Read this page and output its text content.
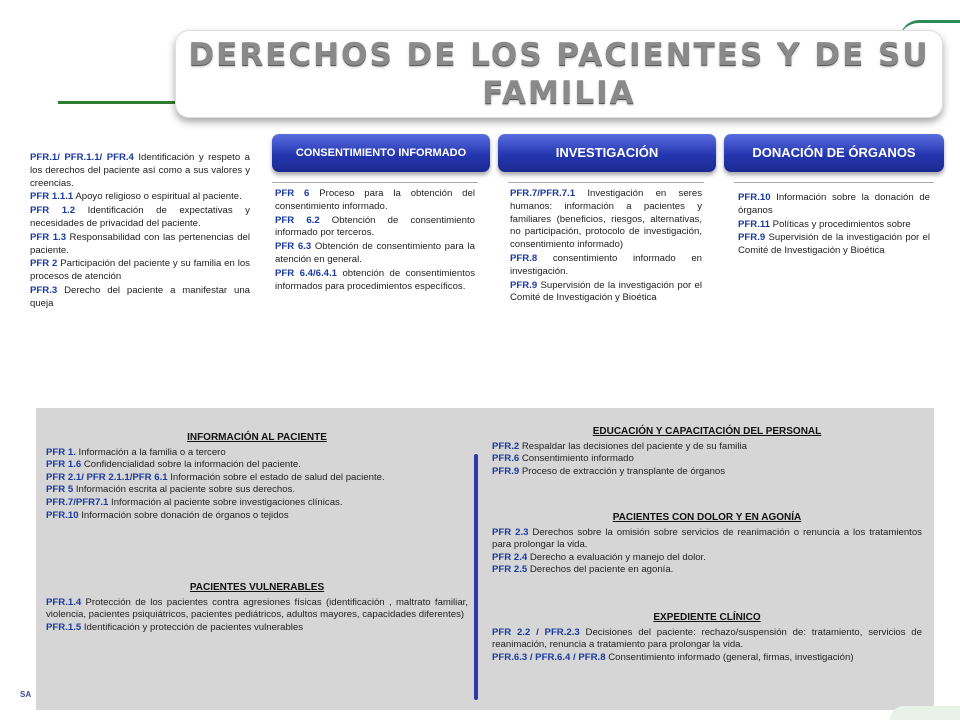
DERECHOS DE LOS PACIENTES Y DE SU FAMILIA

PFR.1/ PFR.1.1/ PFR.4 Identificación y respeto a los derechos del paciente así como a sus valores y creencias.

PFR 1.1.1 Apoyo religioso o espiritual al paciente.

PFR 1.2 Identificación de expectativas y necesidades de privacidad del paciente.

PFR 1.3 Responsabilidad con las pertenencias del paciente.

PFR 2 Participación del paciente y su familia en los procesos de atención

PFR.3 Derecho del paciente a manifestar una queja

CONSENTIMIENTO INFORMADO	INVESTIGACIÓN	DONACIÓN DE ÓRGANOS

PFR 6 Proceso para la obtención del consentimiento informado.

PFR 6.2 Obtención de consentimiento informado por terceros.

PFR 6.3 Obtención de consentimiento para la atención en general.

PFR 6.4/6.4.1 obtención de consentimientos informados para procedimientos específicos.

PFR.7/PFR.7.1 Investigación en seres humanos: información a pacientes y familiares (beneficios, riesgos, alternativas, no participación, protocolo de investigación, consentimiento informado)

PFR.8 consentimiento informado en investigación.

PFR.9 Supervisión de la investigación por el Comité de Investigación y Bioética

PFR.10 Información sobre la donación de órganos

PFR.11 Políticas y procedimientos sobre

PFR.9 Supervisión de la investigación por el Comité de Investigación y Bioética

INFORMACIÓN AL PACIENTE

PFR 1. Información a la familia o a tercero

PFR 1.6 Confidencialidad sobre la información del paciente.

PFR 2.1/ PFR 2.1.1/PFR 6.1 Información sobre el estado de salud del paciente.

PFR 5 Información escrita al paciente sobre sus derechos.

PFR.7/PFR7.1 Información al paciente sobre investigaciones clínicas.

PFR.10 Información sobre donación de órganos o tejidos

PACIENTES VULNERABLES

PFR.1.4 Protección de los pacientes contra agresiones físicas (identificación , maltrato familiar, violencia, pacientes psiquiátricos, pacientes pediátricos, adultos mayores, capacidades diferentes)

PFR.1.5 Identificación y protección de pacientes vulnerables

EDUCACIÓN Y CAPACITACIÓN DEL PERSONAL

PFR.2 Respaldar las decisiones del paciente y de su familia

PFR.6 Consentimiento informado

PFR.9 Proceso de extracción y transplante de órganos

PACIENTES CON DOLOR Y EN AGONÍA

PFR 2.3 Derechos sobre la omisión sobre servicios de reanimación o renuncia a los tratamientos para prolongar la vida.

PFR 2.4 Derecho a evaluación y manejo del dolor.

PFR 2.5 Derechos del paciente en agonía.

EXPEDIENTE CLÍNICO

PFR 2.2 / PFR.2.3 Decisiones del paciente: rechazo/suspensión de: tratamiento, servicios de reanimación, renuncia a tratamiento para prolongar la vida.

PFR.6.3 / PFR.6.4 / PFR.8 Consentimiento informado (general, firmas, investigación)

SA
